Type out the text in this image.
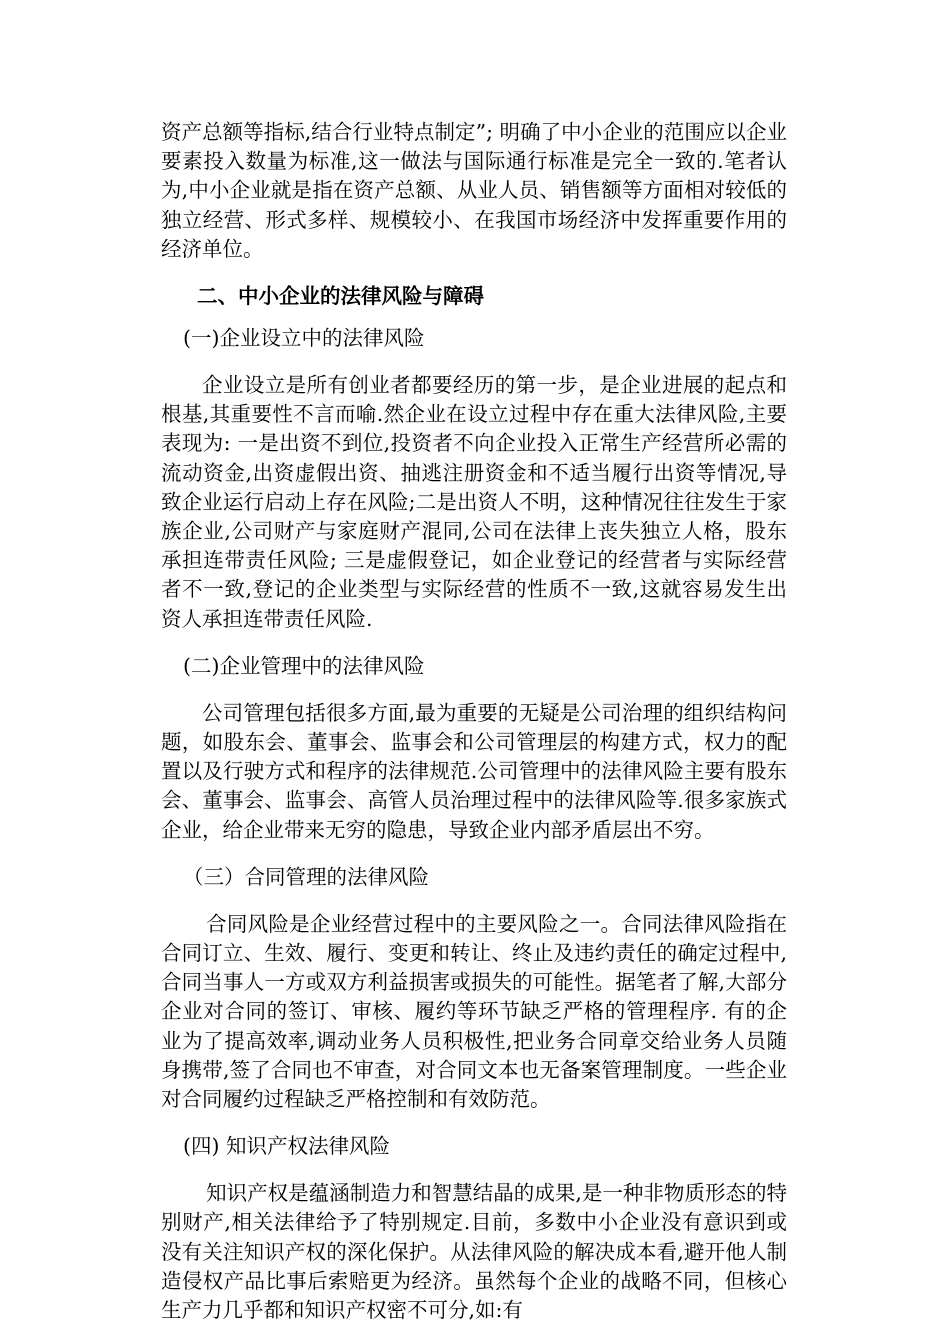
资产总额等指标,结合行业特点制定”; 明确了中小企业的范围应以企业要素投入数量为标准,这一做法与国际通行标准是完全一致的.笔者认为,中小企业就是指在资产总额、从业人员、销售额等方面相对较低的独立经营、形式多样、规模较小、在我国市场经济中发挥重要作用的经济单位。

二、中小企业的法律风险与障碍

(一)企业设立中的法律风险

企业设立是所有创业者都要经历的第一步，是企业进展的起点和根基,其重要性不言而喻.然企业在设立过程中存在重大法律风险,主要表现为: 一是出资不到位,投资者不向企业投入正常生产经营所必需的流动资金,出资虚假出资、抽逃注册资金和不适当履行出资等情况,导致企业运行启动上存在风险;二是出资人不明，这种情况往往发生于家族企业,公司财产与家庭财产混同,公司在法律上丧失独立人格，股东承担连带责任风险; 三是虚假登记，如企业登记的经营者与实际经营者不一致,登记的企业类型与实际经营的性质不一致,这就容易发生出资人承担连带责任风险.

(二)企业管理中的法律风险

公司管理包括很多方面,最为重要的无疑是公司治理的组织结构问题，如股东会、董事会、监事会和公司管理层的构建方式，权力的配置以及行驶方式和程序的法律规范.公司管理中的法律风险主要有股东会、董事会、监事会、高管人员治理过程中的法律风险等.很多家族式企业，给企业带来无穷的隐患，导致企业内部矛盾层出不穷。

（三）合同管理的法律风险

合同风险是企业经营过程中的主要风险之一。合同法律风险指在合同订立、生效、履行、变更和转让、终止及违约责任的确定过程中,合同当事人一方或双方利益损害或损失的可能性。据笔者了解,大部分企业对合同的签订、审核、履约等环节缺乏严格的管理程序. 有的企业为了提高效率,调动业务人员积极性,把业务合同章交给业务人员随身携带,签了合同也不审查，对合同文本也无备案管理制度。一些企业对合同履约过程缺乏严格控制和有效防范。

(四) 知识产权法律风险

知识产权是蕴涵制造力和智慧结晶的成果,是一种非物质形态的特别财产,相关法律给予了特别规定.目前，多数中小企业没有意识到或没有关注知识产权的深化保护。从法律风险的解决成本看,避开他人制造侵权产品比事后索赔更为经济。虽然每个企业的战略不同，但核心生产力几乎都和知识产权密不可分,如:有
